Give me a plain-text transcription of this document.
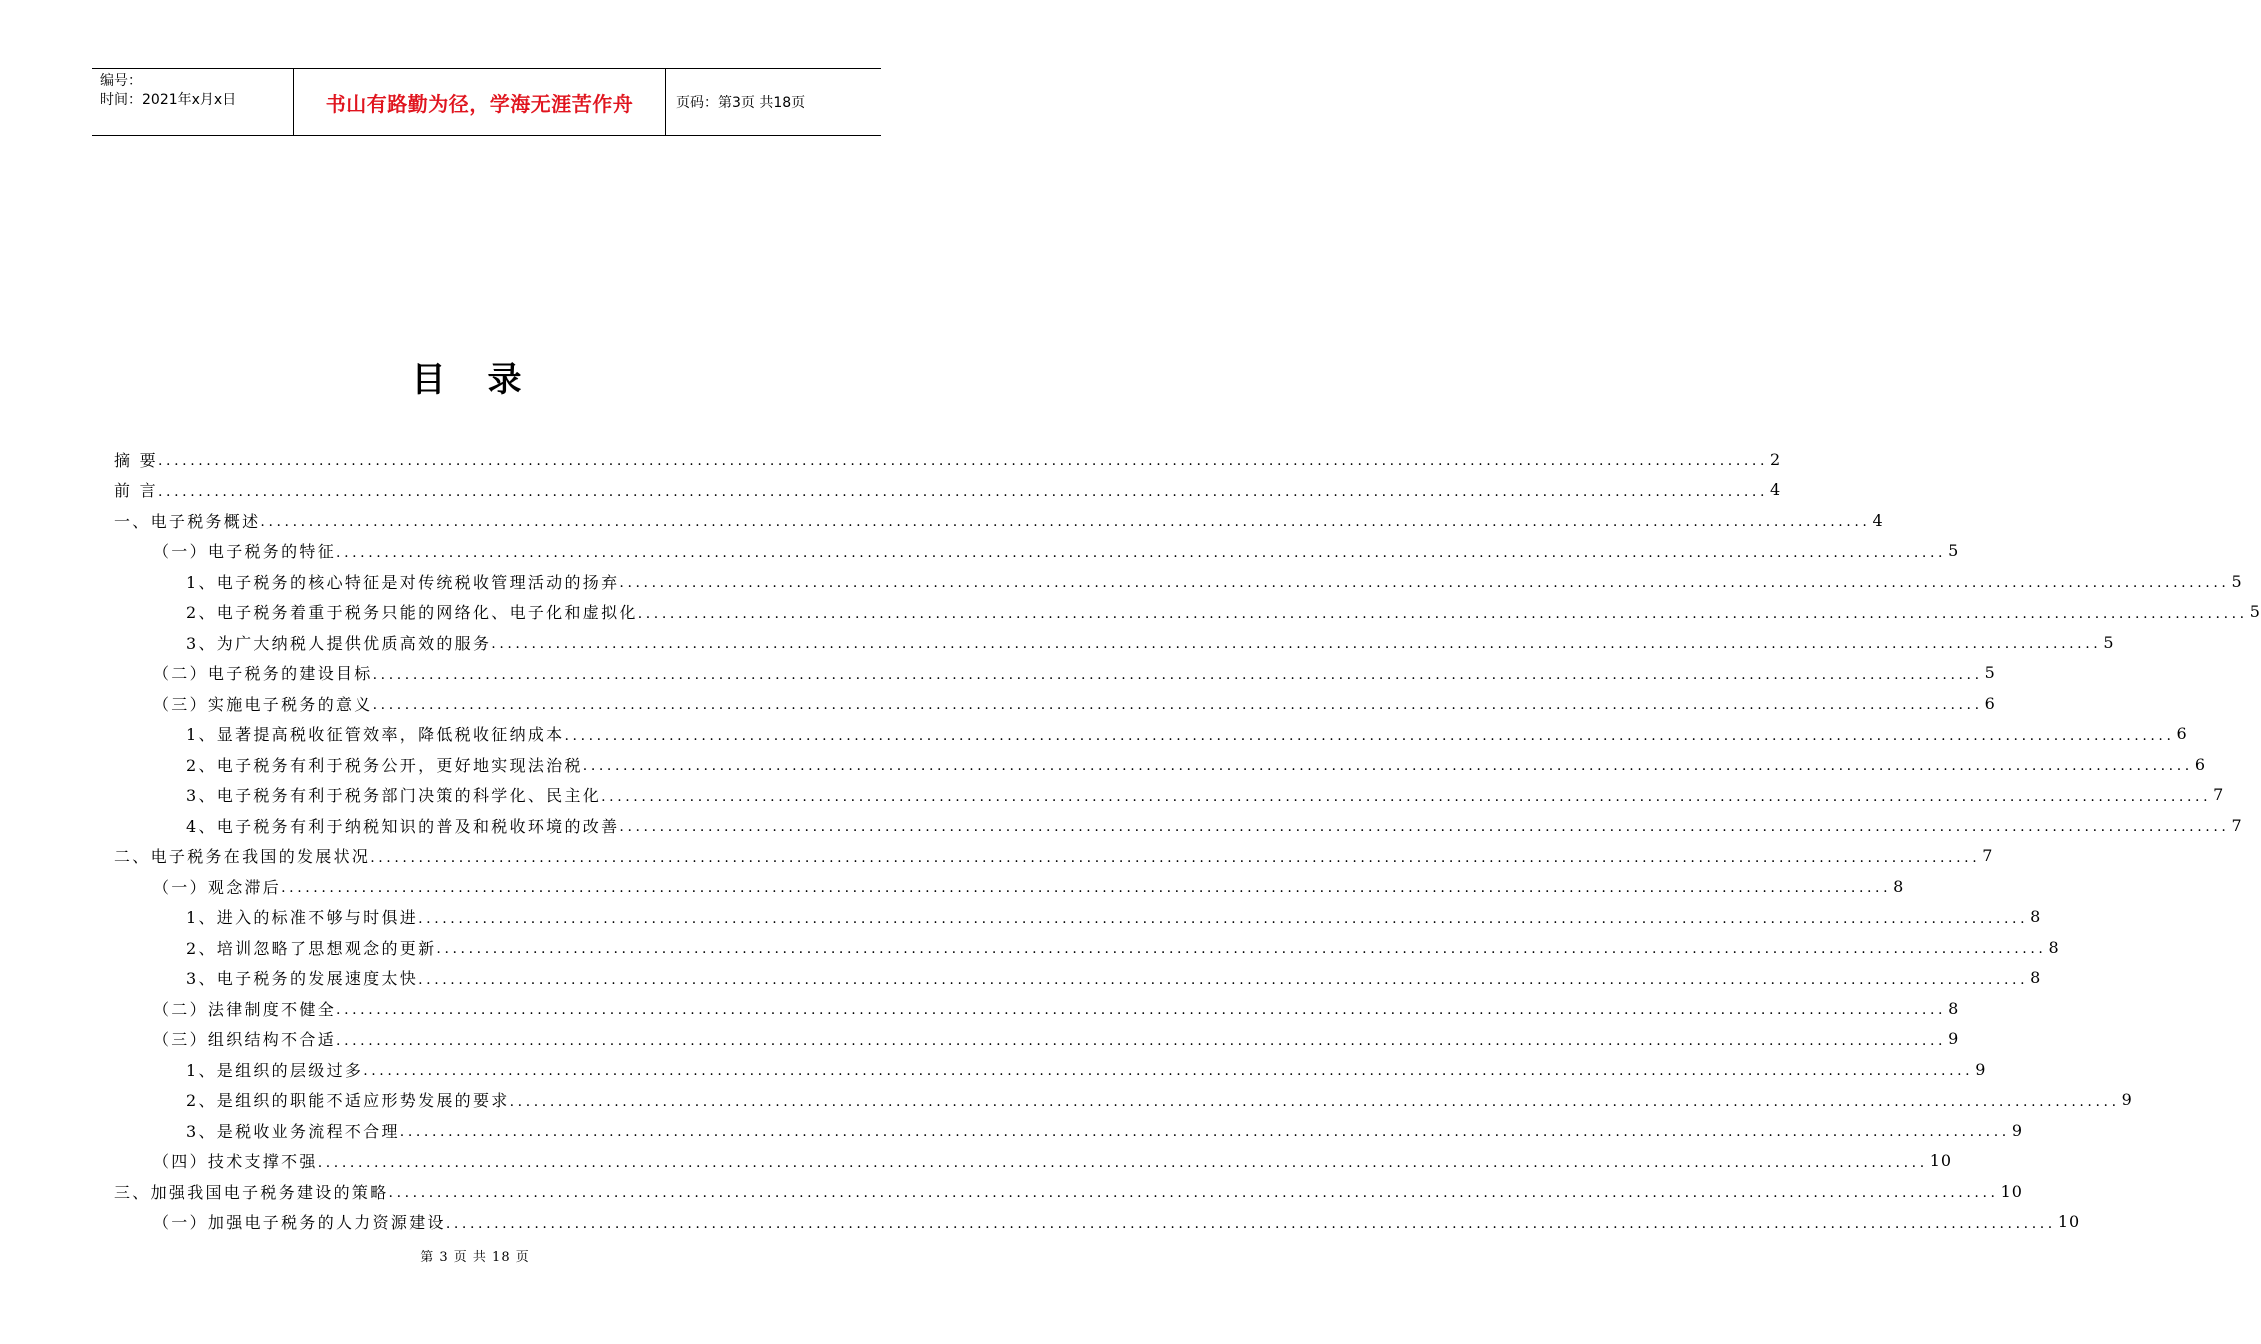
编号：
时间：2021年x月x日	书山有路勤为径，学海无涯苦作舟	页码：第3页 共18页
目录
摘 要 ........................................................................................................................................................................................................ 2
前 言 ........................................................................................................................................................................................................ 4
一、电子税务概述 ........................................................................................................................................................................................................ 4
（一）电子税务的特征 ........................................................................................................................................................................................................ 5
1、电子税务的核心特征是对传统税收管理活动的扬弃 ........................................................................................................................................................................................................ 5
2、电子税务着重于税务只能的网络化、电子化和虚拟化 ........................................................................................................................................................................................................ 5
3、为广大纳税人提供优质高效的服务 ........................................................................................................................................................................................................ 5
（二）电子税务的建设目标 ........................................................................................................................................................................................................ 5
（三）实施电子税务的意义 ........................................................................................................................................................................................................ 6
1、显著提高税收征管效率，降低税收征纳成本 ........................................................................................................................................................................................................ 6
2、电子税务有利于税务公开，更好地实现法治税 ........................................................................................................................................................................................................ 6
3、电子税务有利于税务部门决策的科学化、民主化 ........................................................................................................................................................................................................ 7
4、电子税务有利于纳税知识的普及和税收环境的改善 ........................................................................................................................................................................................................ 7
二、电子税务在我国的发展状况 ........................................................................................................................................................................................................ 7
（一）观念滞后 ........................................................................................................................................................................................................ 8
1、进入的标准不够与时俱进 ........................................................................................................................................................................................................ 8
2、培训忽略了思想观念的更新 ........................................................................................................................................................................................................ 8
3、电子税务的发展速度太快 ........................................................................................................................................................................................................ 8
（二）法律制度不健全 ........................................................................................................................................................................................................ 8
（三）组织结构不合适 ........................................................................................................................................................................................................ 9
1、是组织的层级过多 ........................................................................................................................................................................................................ 9
2、是组织的职能不适应形势发展的要求 ........................................................................................................................................................................................................ 9
3、是税收业务流程不合理 ........................................................................................................................................................................................................ 9
（四）技术支撑不强 ........................................................................................................................................................................................................ 10
三、加强我国电子税务建设的策略 ........................................................................................................................................................................................................ 10
（一）加强电子税务的人力资源建设 ........................................................................................................................................................................................................ 10
第 3 页 共 18 页
